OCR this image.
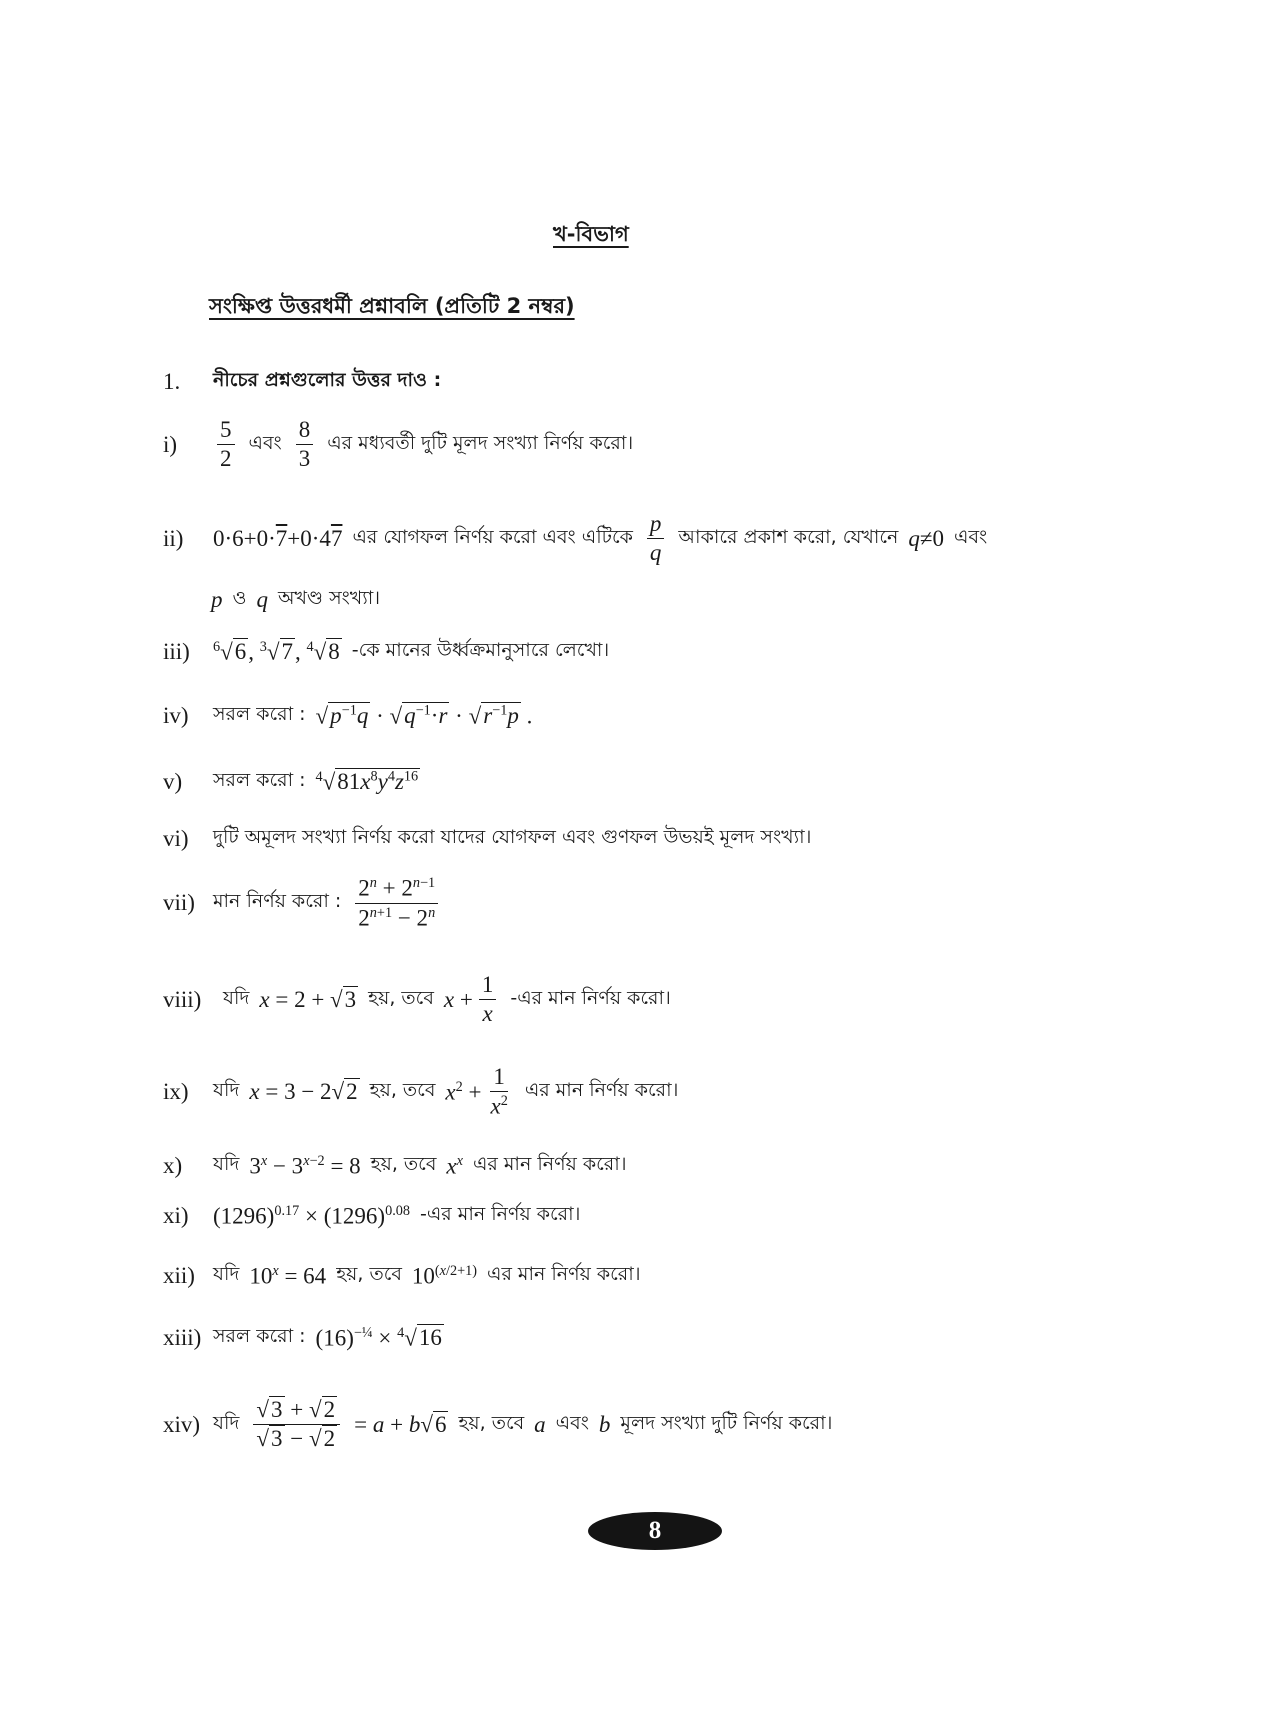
খ-বিভাগ
সংক্ষিপ্ত উত্তরধর্মী প্রশ্নাবলি (প্রতিটি 2 নম্বর)
1.	নীচের প্রশ্নগুলোর উত্তর দাও :
i)	$\frac{5}{2}$ এবং $\frac{8}{3}$ এর মধ্যবর্তী দুটি মূলদ সংখ্যা নির্ণয় করো।
ii)	0·6+0·7+0·47 এর যোগফল নির্ণয় করো এবং এটিকে $\frac{p}{q}$ আকারে প্রকাশ করো, যেখানে q≠0 এবং
p ও q অখণ্ড সংখ্যা।
iii)	$^6$√6, $^3$√7, $^4$√8 -কে মানের উর্ধ্বক্রমানুসারে লেখো।
iv)	সরল করো : $√p^{-1}q \cdot √q^{-1}\cdot r \cdot √r^{-1}p$ .
v)	সরল করো : $^4√81x^8y^4z^{16}$
vi)	দুটি অমূলদ সংখ্যা নির্ণয় করো যাদের যোগফল এবং গুণফল উভয়ই মূলদ সংখ্যা।
vii) মান নির্ণয় করো : $\frac{2^n + 2^{n-1}}{2^{n+1} - 2^n}$
viii)	যদি x = 2 + √3 হয়, তবে $x + \frac{1}{x}$ -এর মান নির্ণয় করো।
ix)	যদি x = 3 − 2√2 হয়, তবে $x^2 + \frac{1}{x^2}$ এর মান নির্ণয় করো।
x)	যদি $3^x - 3^{x-2} = 8$ হয়, তবে $x^x$ এর মান নির্ণয় করো।
xi)	$(1296)^{0.17} \times (1296)^{0.08}$ -এর মান নির্ণয় করো।
xii) যদি $10^x = 64$ হয়, তবে $10^{(x/2+1)}$ এর মান নির্ণয় করো।
xiii) সরল করো : $(16)^{-\frac{1}{4}} \times ^4√16$
xiv) যদি $\frac{√3 + √2}{√3 - √2} = a + b√6$ হয়, তবে a এবং b মূলদ সংখ্যা দুটি নির্ণয় করো।
8
